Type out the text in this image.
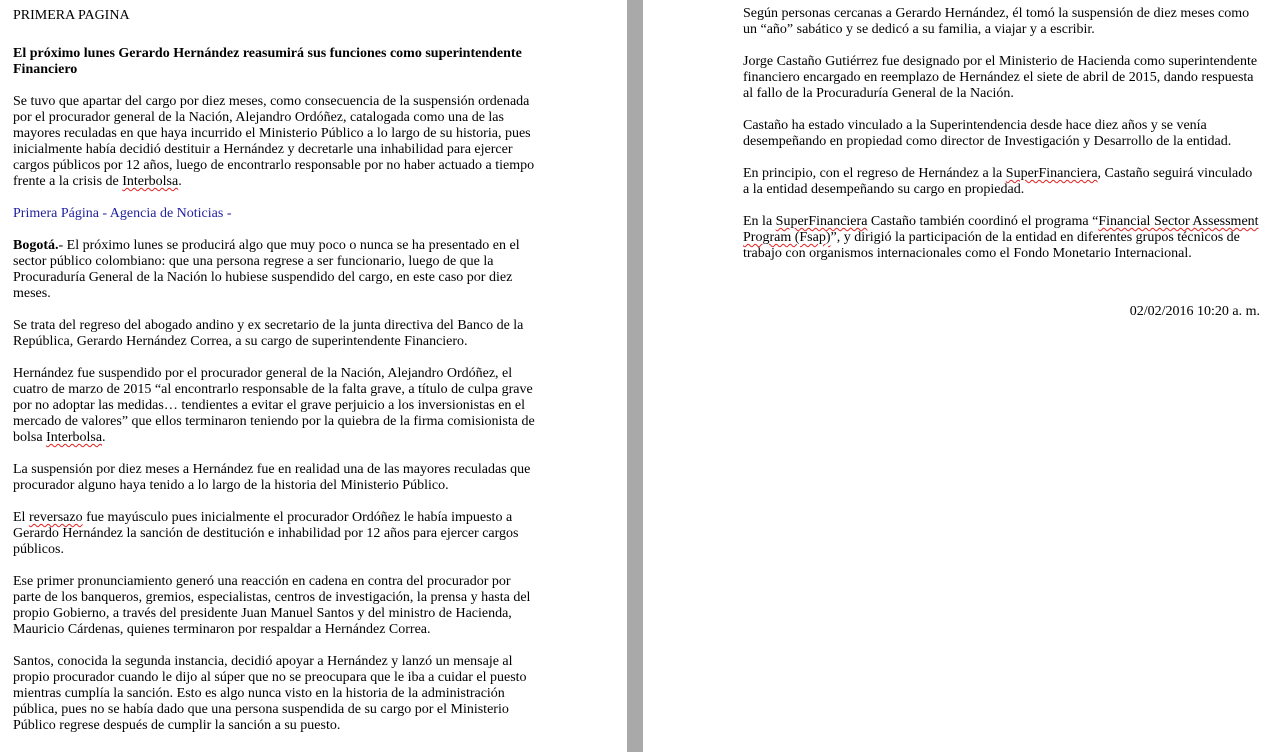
PRIMERA PAGINA

El próximo lunes Gerardo Hernández reasumirá sus funciones como superintendente Financiero

Se tuvo que apartar del cargo por diez meses, como consecuencia de la suspensión ordenada por el procurador general de la Nación, Alejandro Ordóñez, catalogada como una de las mayores reculadas en que haya incurrido el Ministerio Público a lo largo de su historia, pues inicialmente había decidió destituir a Hernández y decretarle una inhabilidad para ejercer cargos públicos por 12 años, luego de encontrarlo responsable por no haber actuado a tiempo frente a la crisis de Interbolsa.

Primera Página - Agencia de Noticias -

Bogotá.- El próximo lunes se producirá algo que muy poco o nunca se ha presentado en el sector público colombiano: que una persona regrese a ser funcionario, luego de que la Procuraduría General de la Nación lo hubiese suspendido del cargo, en este caso por diez meses.

Se trata del regreso del abogado andino y ex secretario de la junta directiva del Banco de la República, Gerardo Hernández Correa, a su cargo de superintendente Financiero.

Hernández fue suspendido por el procurador general de la Nación, Alejandro Ordóñez, el cuatro de marzo de 2015 “al encontrarlo responsable de la falta grave, a título de culpa grave por no adoptar las medidas… tendientes a evitar el grave perjuicio a los inversionistas en el mercado de valores” que ellos terminaron teniendo por la quiebra de la firma comisionista de bolsa Interbolsa.

La suspensión por diez meses a Hernández fue en realidad una de las mayores reculadas que procurador alguno haya tenido a lo largo de la historia del Ministerio Público.

El reversazo fue mayúsculo pues inicialmente el procurador Ordóñez le había impuesto a Gerardo Hernández la sanción de destitución e inhabilidad por 12 años para ejercer cargos públicos.

Ese primer pronunciamiento generó una reacción en cadena en contra del procurador por parte de los banqueros, gremios, especialistas, centros de investigación, la prensa y hasta del propio Gobierno, a través del presidente Juan Manuel Santos y del ministro de Hacienda, Mauricio Cárdenas, quienes terminaron por respaldar a Hernández Correa.

Santos, conocida la segunda instancia, decidió apoyar a Hernández y lanzó un mensaje al propio procurador cuando le dijo al súper que no se preocupara que le iba a cuidar el puesto mientras cumplía la sanción. Esto es algo nunca visto en la historia de la administración pública, pues no se había dado que una persona suspendida de su cargo por el Ministerio Público regrese después de cumplir la sanción a su puesto.

Según personas cercanas a Gerardo Hernández, él tomó la suspensión de diez meses como un “año” sabático y se dedicó a su familia, a viajar y a escribir.

Jorge Castaño Gutiérrez fue designado por el Ministerio de Hacienda como superintendente financiero encargado en reemplazo de Hernández el siete de abril de 2015, dando respuesta al fallo de la Procuraduría General de la Nación.

Castaño ha estado vinculado a la Superintendencia desde hace diez años y se venía desempeñando en propiedad como director de Investigación y Desarrollo de la entidad.

En principio, con el regreso de Hernández a la SuperFinanciera, Castaño seguirá vinculado a la entidad desempeñando su cargo en propiedad.

En la SuperFinanciera Castaño también coordinó el programa “Financial Sector Assessment Program (Fsap)”, y dirigió la participación de la entidad en diferentes grupos técnicos de trabajo con organismos internacionales como el Fondo Monetario Internacional.

02/02/2016 10:20 a. m.
